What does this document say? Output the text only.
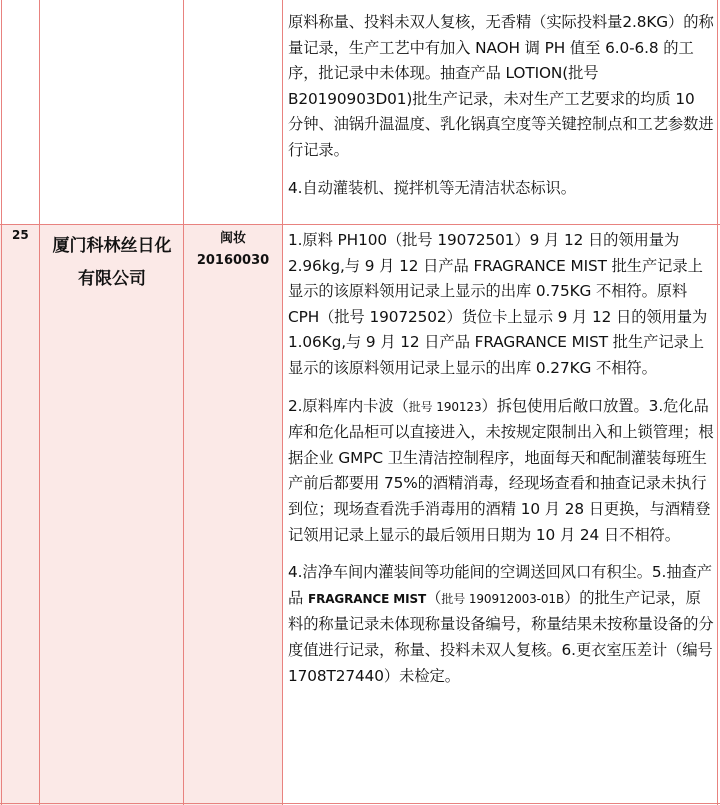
原料称量、投料未双人复核，无香精（实际投料量2.8KG）的称量记录，生产工艺中有加入 NAOH 调 PH 值至 6.0-6.8 的工序，批记录中未体现。抽查产品 LOTION(批号 B20190903D01)批生产记录，未对生产工艺要求的均质 10 分钟、油锅升温温度、乳化锅真空度等关键控制点和工艺参数进行记录。

4.自动灌装机、搅拌机等无清洁状态标识。

25
厦门科林丝日化有限公司
闽妆
20160030

1.原料 PH100（批号 19072501）9 月 12 日的领用量为 2.96kg,与 9 月 12 日产品 FRAGRANCE MIST 批生产记录上显示的该原料领用记录上显示的出库 0.75KG 不相符。原料 CPH（批号 19072502）货位卡上显示 9 月 12 日的领用量为 1.06Kg,与 9 月 12 日产品 FRAGRANCE MIST 批生产记录上显示的该原料领用记录上显示的出库 0.27KG 不相符。

2.原料库内卡波（批号 190123）拆包使用后敞口放置。3.危化品库和危化品柜可以直接进入，未按规定限制出入和上锁管理；根据企业 GMPC 卫生清洁控制程序，地面每天和配制灌装每班生产前后都要用 75%的酒精消毒，经现场查看和抽查记录未执行到位；现场查看洗手消毒用的酒精 10 月 28 日更换，与酒精登记领用记录上显示的最后领用日期为 10 月 24 日不相符。

4.洁净车间内灌装间等功能间的空调送回风口有积尘。5.抽查产品 FRAGRANCE MIST（批号 190912003-01B）的批生产记录，原料的称量记录未体现称量设备编号，称量结果未按称量设备的分度值进行记录，称量、投料未双人复核。6.更衣室压差计（编号 1708T27440）未检定。
